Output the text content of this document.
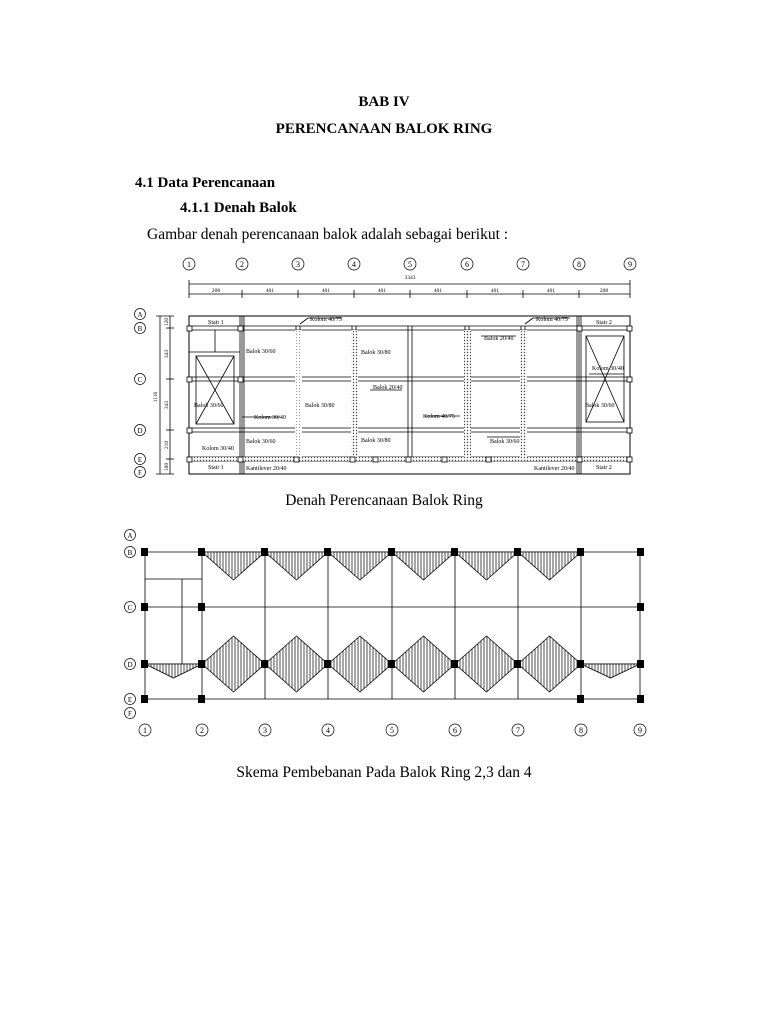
BAB IV
PERENCANAAN BALOK RING
4.1 Data Perencanaan
4.1.1 Denah Balok
Gambar denah perencanaan balok adalah sebagai berikut :
1	2	3	4	5	6	7	8	9
A
B
C
D
E
F
3343
208	401	401	401	401	401	401	208
1116
120
343
343
210
100
Kolom 40/75	Kolom 40/75
Kolom 40/75
Stair 1	Stair 2
Stair 1	Stair 2
Balok 30/60
Balok 30/60	Balok 30/60
Balok 30/60	Balok 30/60
Balok 30/80
Balok 30/80
Balok 30/80
Balok 20/40
Balok 20/40
Kolom 30/40
Kolom 30/40
Kolom 30/40
Kantilever 20/40	Kantilever 20/40
Denah Perencanaan Balok Ring
A
B
C
D
E
F
1	2	3	4	5	6	7	8	9
Skema Pembebanan Pada Balok Ring 2,3 dan 4
